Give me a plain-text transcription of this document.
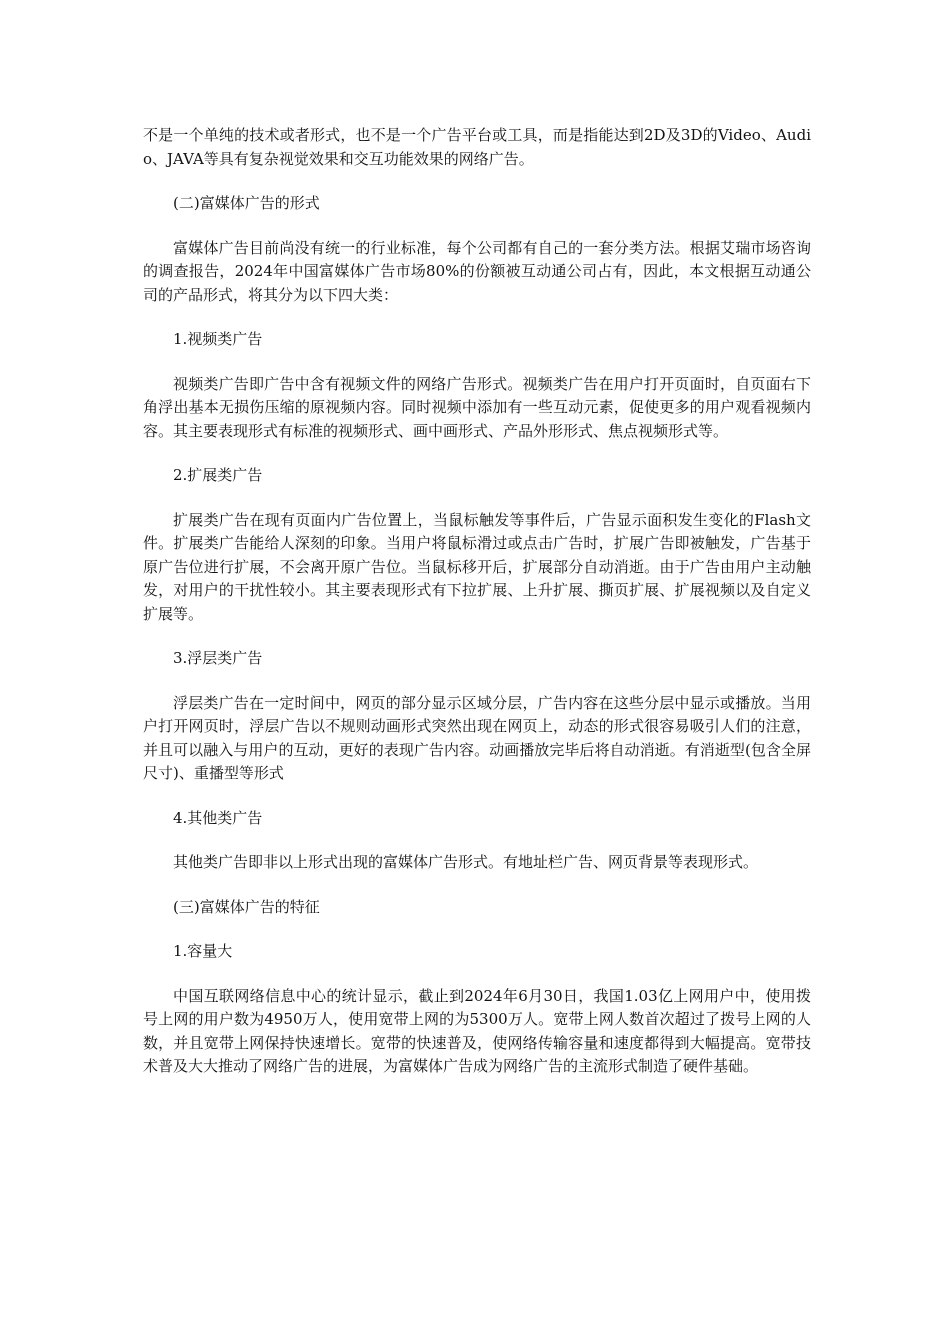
不是一个单纯的技术或者形式，也不是一个广告平台或工具，而是指能达到2D及3D的Video、Audio、JAVA等具有复杂视觉效果和交互功能效果的网络广告。

(二)富媒体广告的形式

富媒体广告目前尚没有统一的行业标准，每个公司都有自己的一套分类方法。根据艾瑞市场咨询的调查报告，2024年中国富媒体广告市场80%的份额被互动通公司占有，因此，本文根据互动通公司的产品形式，将其分为以下四大类：

1.视频类广告

视频类广告即广告中含有视频文件的网络广告形式。视频类广告在用户打开页面时，自页面右下角浮出基本无损伤压缩的原视频内容。同时视频中添加有一些互动元素，促使更多的用户观看视频内容。其主要表现形式有标准的视频形式、画中画形式、产品外形形式、焦点视频形式等。

2.扩展类广告

扩展类广告在现有页面内广告位置上，当鼠标触发等事件后，广告显示面积发生变化的Flash文件。扩展类广告能给人深刻的印象。当用户将鼠标滑过或点击广告时，扩展广告即被触发，广告基于原广告位进行扩展，不会离开原广告位。当鼠标移开后，扩展部分自动消逝。由于广告由用户主动触发，对用户的干扰性较小。其主要表现形式有下拉扩展、上升扩展、撕页扩展、扩展视频以及自定义扩展等。

3.浮层类广告

浮层类广告在一定时间中，网页的部分显示区域分层，广告内容在这些分层中显示或播放。当用户打开网页时，浮层广告以不规则动画形式突然出现在网页上，动态的形式很容易吸引人们的注意，并且可以融入与用户的互动，更好的表现广告内容。动画播放完毕后将自动消逝。有消逝型(包含全屏尺寸)、重播型等形式

4.其他类广告

其他类广告即非以上形式出现的富媒体广告形式。有地址栏广告、网页背景等表现形式。

(三)富媒体广告的特征

1.容量大

中国互联网络信息中心的统计显示，截止到2024年6月30日，我国1.03亿上网用户中，使用拨号上网的用户数为4950万人，使用宽带上网的为5300万人。宽带上网人数首次超过了拨号上网的人数，并且宽带上网保持快速增长。宽带的快速普及，使网络传输容量和速度都得到大幅提高。宽带技术普及大大推动了网络广告的进展，为富媒体广告成为网络广告的主流形式制造了硬件基础。
